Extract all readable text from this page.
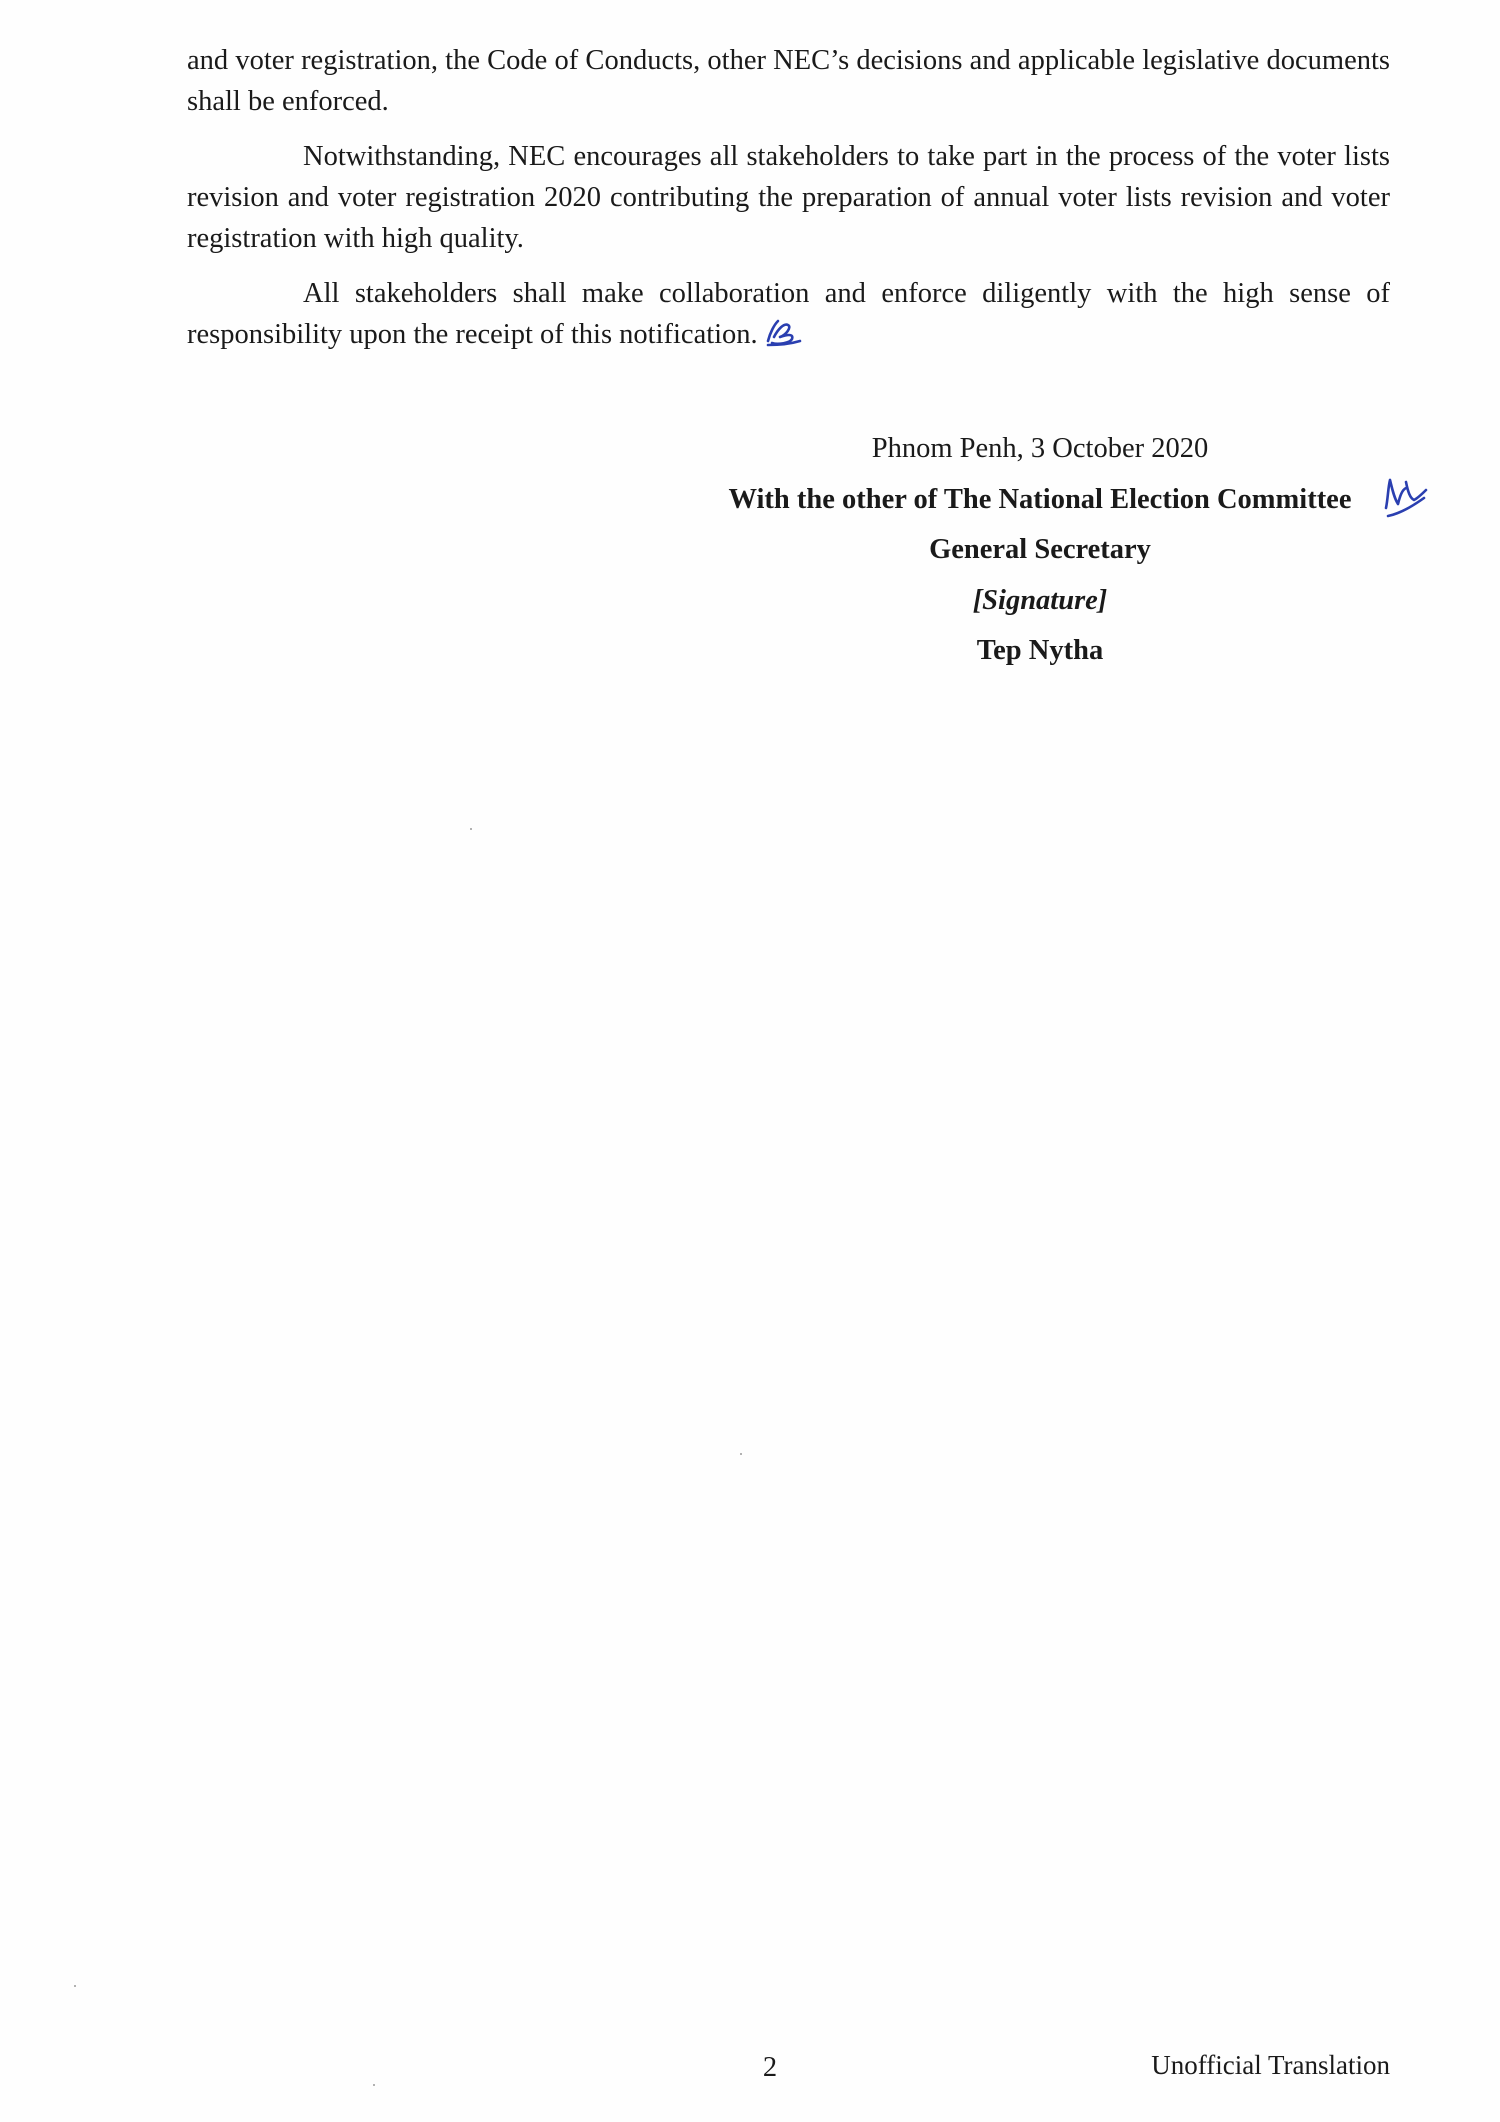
and voter registration, the Code of Conducts, other NEC’s decisions and applicable legislative documents shall be enforced.

Notwithstanding, NEC encourages all stakeholders to take part in the process of the voter lists revision and voter registration 2020 contributing the preparation of annual voter lists revision and voter registration with high quality.

All stakeholders shall make collaboration and enforce diligently with the high sense of responsibility upon the receipt of this notification.

Phnom Penh, 3 October 2020
With the other of The National Election Committee
General Secretary
[Signature]
Tep Nytha
2	Unofficial Translation
